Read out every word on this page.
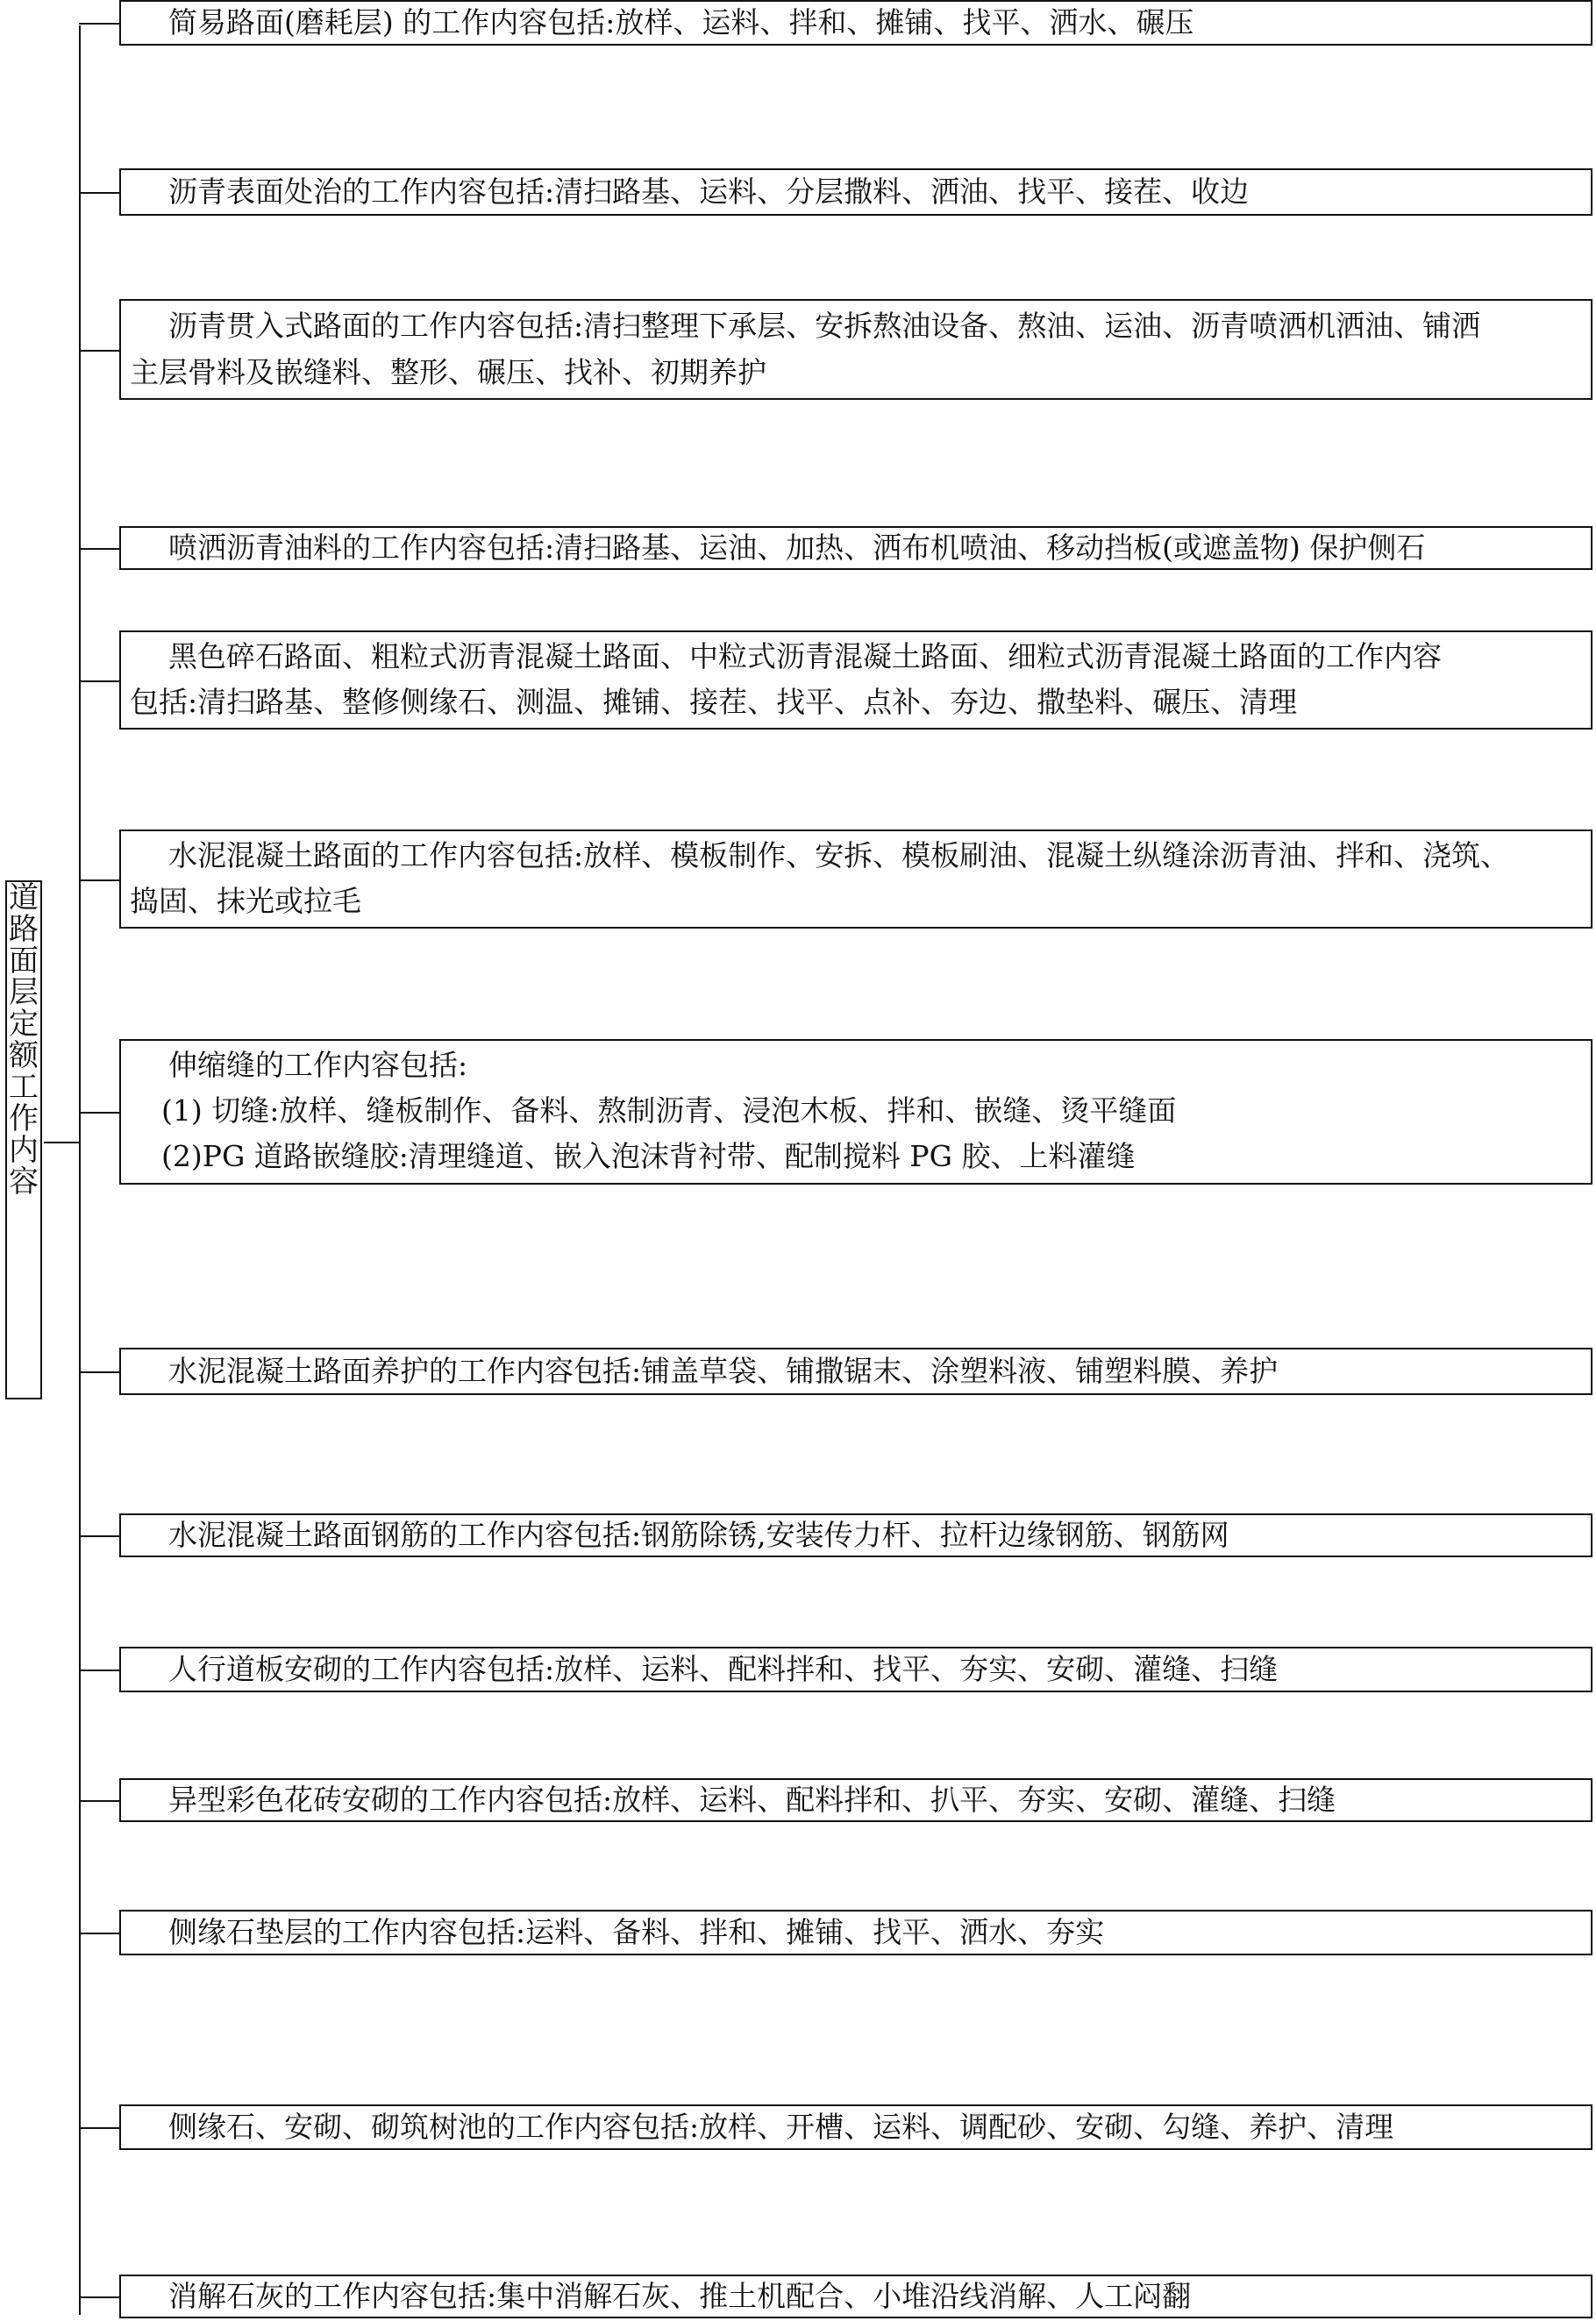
道
路
面
层
定
额
工
作
内
容
简易路面(磨耗层) 的工作内容包括:放样、运料、拌和、摊铺、找平、洒水、碾压
沥青表面处治的工作内容包括:清扫路基、运料、分层撒料、洒油、找平、接茬、收边
沥青贯入式路面的工作内容包括:清扫整理下承层、安拆熬油设备、熬油、运油、沥青喷洒机洒油、铺洒
主层骨料及嵌缝料、整形、碾压、找补、初期养护
喷洒沥青油料的工作内容包括:清扫路基、运油、加热、洒布机喷油、移动挡板(或遮盖物) 保护侧石
黑色碎石路面、粗粒式沥青混凝土路面、中粒式沥青混凝土路面、细粒式沥青混凝土路面的工作内容
包括:清扫路基、整修侧缘石、测温、摊铺、接茬、找平、点补、夯边、撒垫料、碾压、清理
水泥混凝土路面的工作内容包括:放样、模板制作、安拆、模板刷油、混凝土纵缝涂沥青油、拌和、浇筑、
捣固、抹光或拉毛
伸缩缝的工作内容包括:
(1) 切缝:放样、缝板制作、备料、熬制沥青、浸泡木板、拌和、嵌缝、烫平缝面
(2)PG 道路嵌缝胶:清理缝道、嵌入泡沫背衬带、配制搅料 PG 胶、上料灌缝
水泥混凝土路面养护的工作内容包括:铺盖草袋、铺撒锯末、涂塑料液、铺塑料膜、养护
水泥混凝土路面钢筋的工作内容包括:钢筋除锈,安装传力杆、拉杆边缘钢筋、钢筋网
人行道板安砌的工作内容包括:放样、运料、配料拌和、找平、夯实、安砌、灌缝、扫缝
异型彩色花砖安砌的工作内容包括:放样、运料、配料拌和、扒平、夯实、安砌、灌缝、扫缝
侧缘石垫层的工作内容包括:运料、备料、拌和、摊铺、找平、洒水、夯实
侧缘石、安砌、砌筑树池的工作内容包括:放样、开槽、运料、调配砂、安砌、勾缝、养护、清理
消解石灰的工作内容包括:集中消解石灰、推土机配合、小堆沿线消解、人工闷翻
